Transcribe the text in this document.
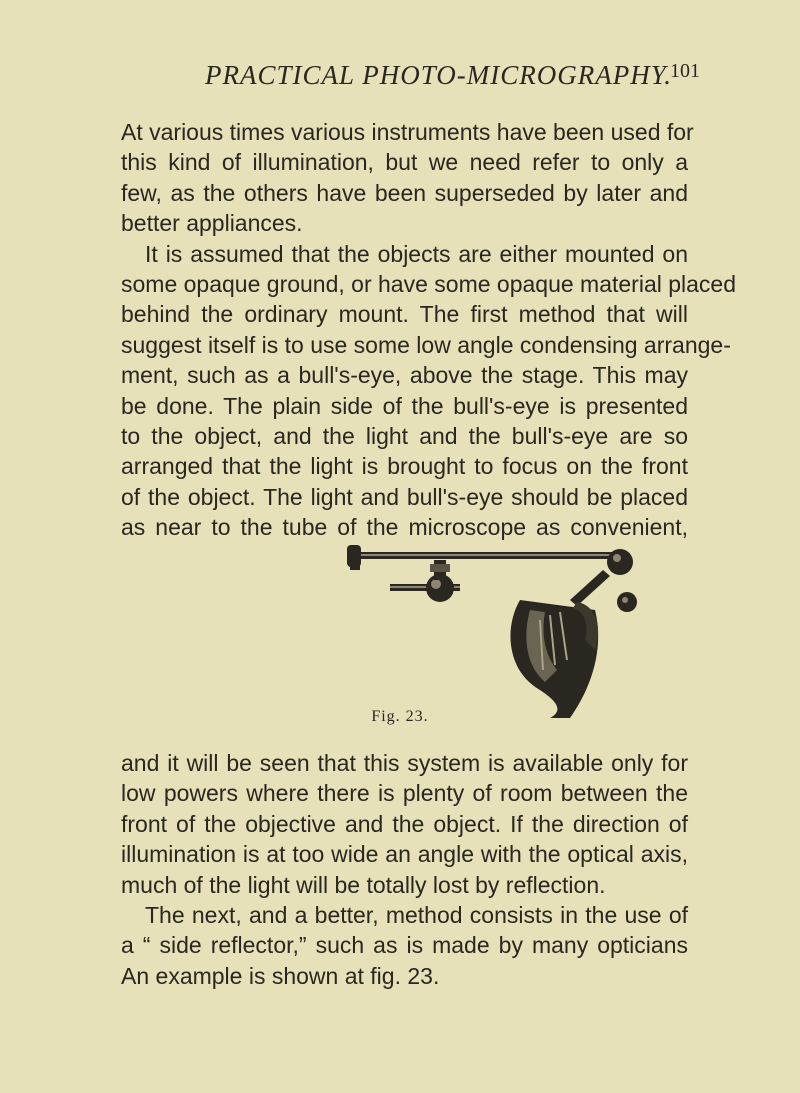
PRACTICAL PHOTO-MICROGRAPHY.
101

At various times various instruments have been used for
this kind of illumination, but we need refer to only a
few, as the others have been superseded by later and
better appliances.

It is assumed that the objects are either mounted on

some opaque ground, or have some opaque material placed
behind the ordinary mount. The first method that will
suggest itself is to use some low angle condensing arrange-
ment, such as a bull's-eye, above the stage. This may
be done. The plain side of the bull's-eye is presented
to the object, and the light and the bull's-eye are so
arranged that the light is brought to focus on the front
of the object. The light and bull's-eye should be placed
as near to the tube of the microscope as convenient,

Fig. 23.

and it will be seen that this system is available only for
low powers where there is plenty of room between the
front of the objective and the object. If the direction of
illumination is at too wide an angle with the optical axis,
much of the light will be totally lost by reflection.

The next, and a better, method consists in the use of

a “ side reflector,” such as is made by many opticians
An example is shown at fig. 23.
